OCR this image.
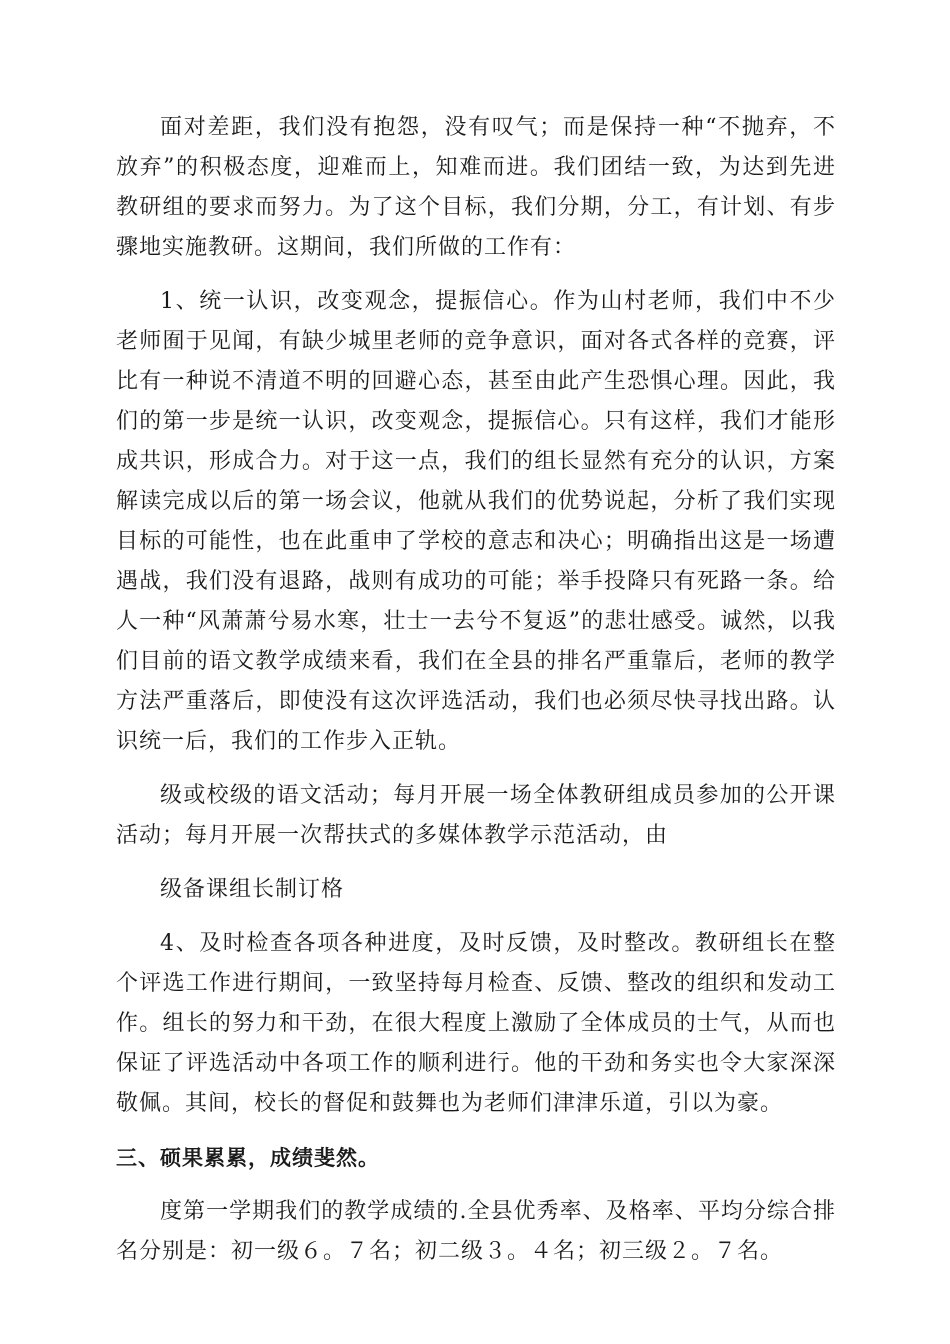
面对差距，我们没有抱怨，没有叹气；而是保持一种“不抛弃，不放弃”的积极态度，迎难而上，知难而进。我们团结一致，为达到先进教研组的要求而努力。为了这个目标，我们分期，分工，有计划、有步骤地实施教研。这期间，我们所做的工作有：

1、统一认识，改变观念，提振信心。作为山村老师，我们中不少老师囿于见闻，有缺少城里老师的竞争意识，面对各式各样的竞赛，评比有一种说不清道不明的回避心态，甚至由此产生恐惧心理。因此，我们的第一步是统一认识，改变观念，提振信心。只有这样，我们才能形成共识，形成合力。对于这一点，我们的组长显然有充分的认识，方案解读完成以后的第一场会议，他就从我们的优势说起，分析了我们实现目标的可能性，也在此重申了学校的意志和决心；明确指出这是一场遭遇战，我们没有退路，战则有成功的可能；举手投降只有死路一条。给人一种“风萧萧兮易水寒，壮士一去兮不复返”的悲壮感受。诚然，以我们目前的语文教学成绩来看，我们在全县的排名严重靠后，老师的教学方法严重落后，即使没有这次评选活动，我们也必须尽快寻找出路。认识统一后，我们的工作步入正轨。

级或校级的语文活动；每月开展一场全体教研组成员参加的公开课活动；每月开展一次帮扶式的多媒体教学示范活动，由

级备课组长制订格

4、及时检查各项各种进度，及时反馈，及时整改。教研组长在整个评选工作进行期间，一致坚持每月检查、反馈、整改的组织和发动工作。组长的努力和干劲，在很大程度上激励了全体成员的士气，从而也保证了评选活动中各项工作的顺利进行。他的干劲和务实也令大家深深敬佩。其间，校长的督促和鼓舞也为老师们津津乐道，引以为豪。

三、硕果累累，成绩斐然。

度第一学期我们的教学成绩的.全县优秀率、及格率、平均分综合排名分别是：初一级６。７名；初二级３。４名；初三级２。７名。
